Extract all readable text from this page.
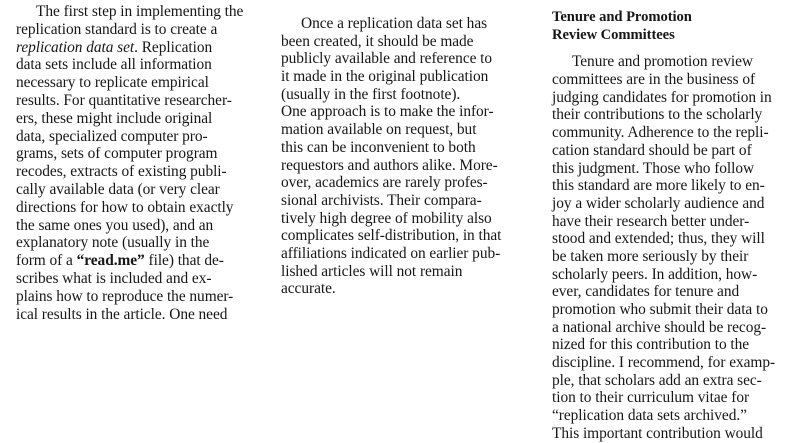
The first step in implementing the
replication standard is to create a
replication data set. Replication
data sets include all information
necessary to replicate empirical
results. For quantitative researcher-
ers, these might include original
data, specialized computer pro-
grams, sets of computer program
recodes, extracts of existing publi-
cally available data (or very clear
directions for how to obtain exactly
the same ones you used), and an
explanatory note (usually in the
form of a “read.me” file) that de-
scribes what is included and ex-
plains how to reproduce the numer-
ical results in the article. One need
Once a replication data set has
been created, it should be made
publicly available and reference to
it made in the original publication
(usually in the first footnote).
One approach is to make the infor-
mation available on request, but
this can be inconvenient to both
requestors and authors alike. More-
over, academics are rarely profes-
sional archivists. Their compara-
tively high degree of mobility also
complicates self-distribution, in that
affiliations indicated on earlier pub-
lished articles will not remain
accurate.
Tenure and Promotion
Review Committees
Tenure and promotion review
committees are in the business of
judging candidates for promotion in
their contributions to the scholarly
community. Adherence to the repli-
cation standard should be part of
this judgment. Those who follow
this standard are more likely to en-
joy a wider scholarly audience and
have their research better under-
stood and extended; thus, they will
be taken more seriously by their
scholarly peers. In addition, how-
ever, candidates for tenure and
promotion who submit their data to
a national archive should be recog-
nized for this contribution to the
discipline. I recommend, for examp-
ple, that scholars add an extra sec-
tion to their curriculum vitae for
“replication data sets archived.”
This important contribution would
